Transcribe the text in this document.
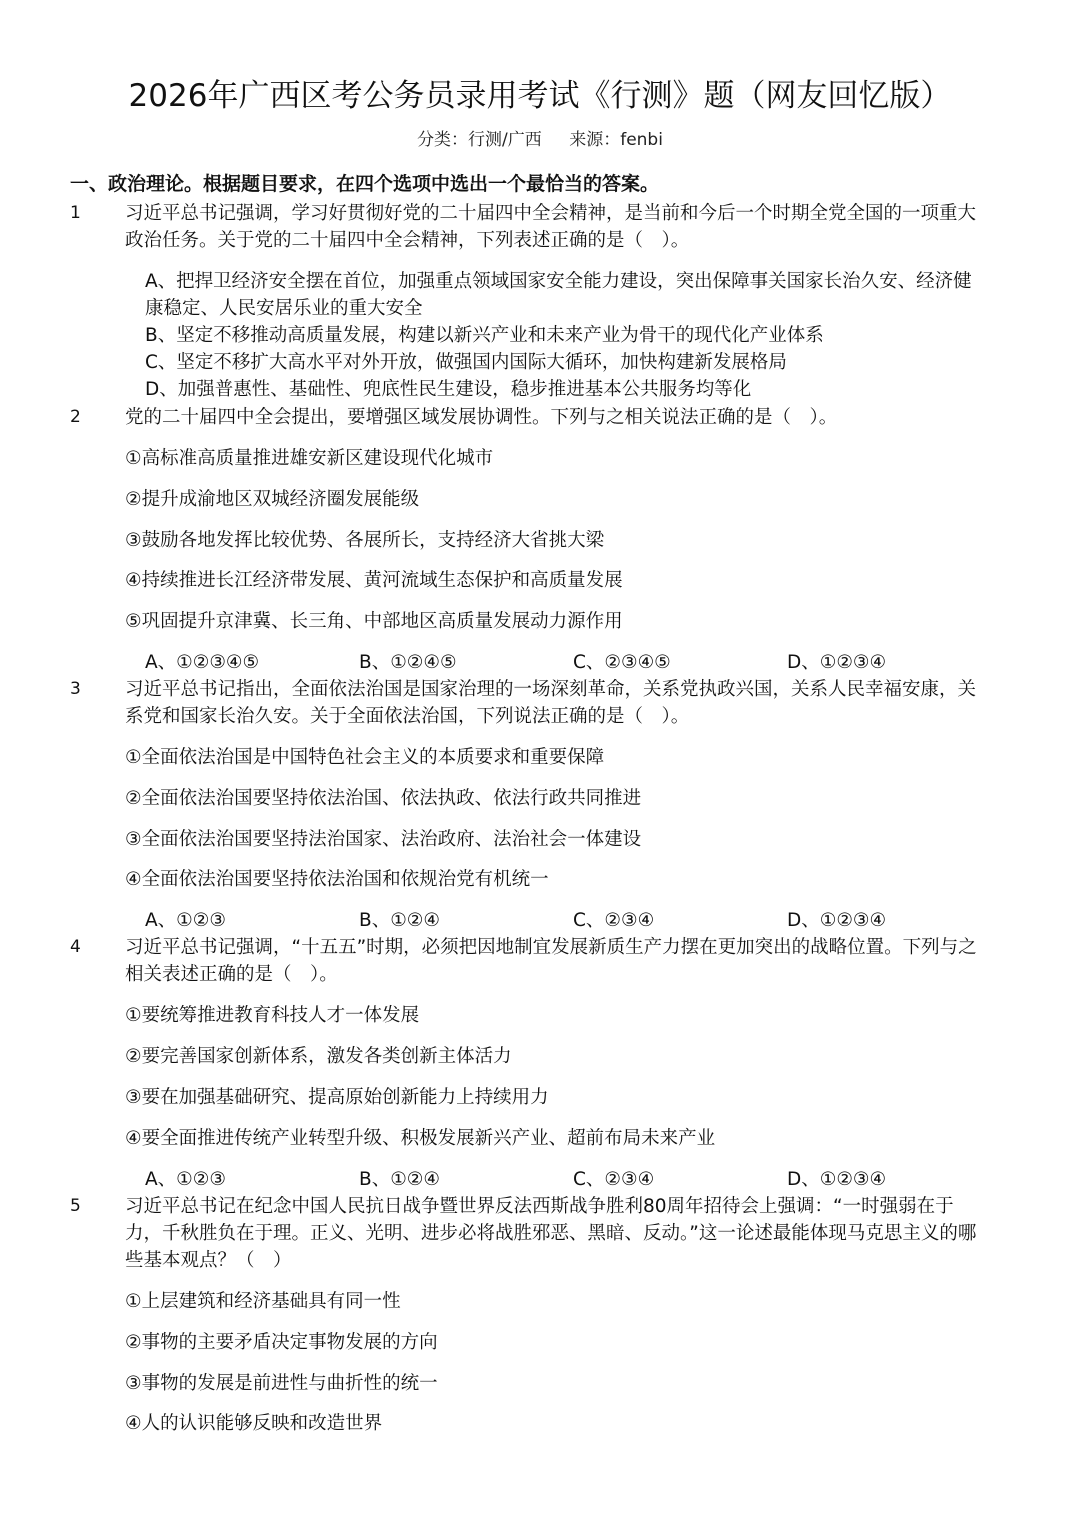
2026年广西区考公务员录用考试《行测》题（网友回忆版）
分类：行测/广西 来源：fenbi
一、政治理论。根据题目要求，在四个选项中选出一个最恰当的答案。
1	习近平总书记强调，学习好贯彻好党的二十届四中全会精神，是当前和今后一个时期全党全国的一项重大政治任务。关于党的二十届四中全会精神，下列表述正确的是（　）。
A、把捍卫经济安全摆在首位，加强重点领域国家安全能力建设，突出保障事关国家长治久安、经济健康稳定、人民安居乐业的重大安全
B、坚定不移推动高质量发展，构建以新兴产业和未来产业为骨干的现代化产业体系
C、坚定不移扩大高水平对外开放，做强国内国际大循环，加快构建新发展格局
D、加强普惠性、基础性、兜底性民生建设，稳步推进基本公共服务均等化
2	党的二十届四中全会提出，要增强区域发展协调性。下列与之相关说法正确的是（　）。
①高标准高质量推进雄安新区建设现代化城市
②提升成渝地区双城经济圈发展能级
③鼓励各地发挥比较优势、各展所长，支持经济大省挑大梁
④持续推进长江经济带发展、黄河流域生态保护和高质量发展
⑤巩固提升京津冀、长三角、中部地区高质量发展动力源作用
A、①②③④⑤	B、①②④⑤	C、②③④⑤	D、①②③④
3	习近平总书记指出，全面依法治国是国家治理的一场深刻革命，关系党执政兴国，关系人民幸福安康，关系党和国家长治久安。关于全面依法治国，下列说法正确的是（　）。
①全面依法治国是中国特色社会主义的本质要求和重要保障
②全面依法治国要坚持依法治国、依法执政、依法行政共同推进
③全面依法治国要坚持法治国家、法治政府、法治社会一体建设
④全面依法治国要坚持依法治国和依规治党有机统一
A、①②③	B、①②④	C、②③④	D、①②③④
4	习近平总书记强调，“十五五”时期，必须把因地制宜发展新质生产力摆在更加突出的战略位置。下列与之相关表述正确的是（　）。
①要统筹推进教育科技人才一体发展
②要完善国家创新体系，激发各类创新主体活力
③要在加强基础研究、提高原始创新能力上持续用力
④要全面推进传统产业转型升级、积极发展新兴产业、超前布局未来产业
A、①②③	B、①②④	C、②③④	D、①②③④
5	习近平总书记在纪念中国人民抗日战争暨世界反法西斯战争胜利80周年招待会上强调：“一时强弱在于力，千秋胜负在于理。正义、光明、进步必将战胜邪恶、黑暗、反动。”这一论述最能体现马克思主义的哪些基本观点？（　）
①上层建筑和经济基础具有同一性
②事物的主要矛盾决定事物发展的方向
③事物的发展是前进性与曲折性的统一
④人的认识能够反映和改造世界
